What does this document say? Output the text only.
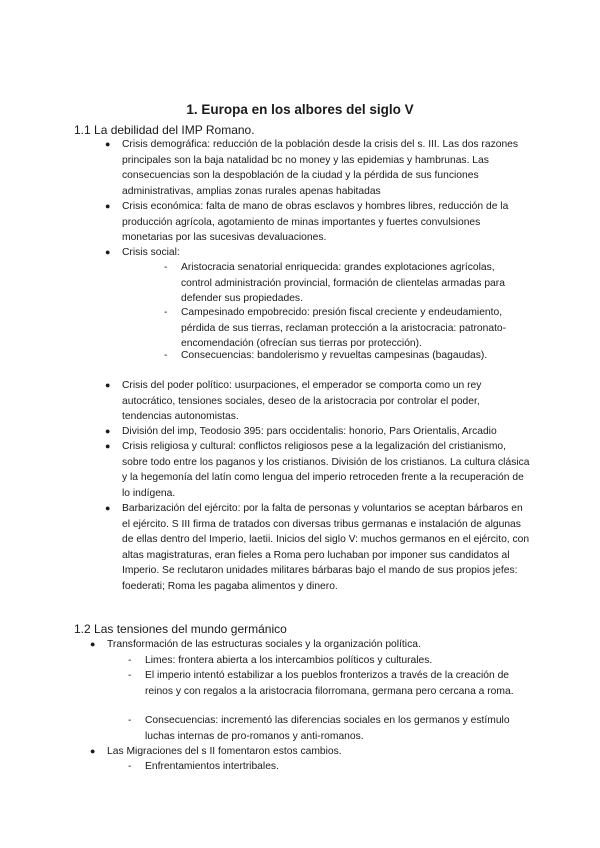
1. Europa en los albores del siglo V
1.1 La debilidad del IMP Romano.
● Crisis demográfica: reducción de la población desde la crisis del s. III. Las dos razones principales son la baja natalidad bc no money y las epidemias y hambrunas. Las consecuencias son la despoblación de la ciudad y la pérdida de sus funciones administrativas, amplias zonas rurales apenas habitadas
● Crisis económica: falta de mano de obras esclavos y hombres libres, reducción de la producción agrícola, agotamiento de minas importantes y fuertes convulsiones monetarias por las sucesivas devaluaciones.
● Crisis social:
- Aristocracia senatorial enriquecida: grandes explotaciones agrícolas, control administración provincial, formación de clientelas armadas para defender sus propiedades.
- Campesinado empobrecido: presión fiscal creciente y endeudamiento, pérdida de sus tierras, reclaman protección a la aristocracia: patronato-encomendación (ofrecían sus tierras por protección).
- Consecuencias: bandolerismo y revueltas campesinas (bagaudas).
● Crisis del poder político: usurpaciones, el emperador se comporta como un rey autocrático, tensiones sociales, deseo de la aristocracia por controlar el poder, tendencias autonomistas.
● División del imp, Teodosio 395: pars occidentalis: honorio, Pars Orientalis, Arcadio
● Crisis religiosa y cultural: conflictos religiosos pese a la legalización del cristianismo, sobre todo entre los paganos y los cristianos. División de los cristianos. La cultura clásica y la hegemonía del latín como lengua del imperio retroceden frente a la recuperación de lo indígena.
● Barbarización del ejército: por la falta de personas y voluntarios se aceptan bárbaros en el ejército. S III firma de tratados con diversas tribus germanas e instalación de algunas de ellas dentro del Imperio, laetii. Inicios del siglo V: muchos germanos en el ejército, con altas magistraturas, eran fieles a Roma pero luchaban por imponer sus candidatos al Imperio. Se reclutaron unidades militares bárbaras bajo el mando de sus propios jefes: foederati; Roma les pagaba alimentos y dinero.
1.2 Las tensiones del mundo germánico
● Transformación de las estructuras sociales y la organización política.
- Limes: frontera abierta a los intercambios políticos y culturales.
- El imperio intentó estabilizar a los pueblos fronterizos a través de la creación de reinos y con regalos a la aristocracia filorromana, germana pero cercana a roma.
- Consecuencias: incrementó las diferencias sociales en los germanos y estímulo luchas internas de pro-romanos y anti-romanos.
● Las Migraciones del s II fomentaron estos cambios.
- Enfrentamientos intertribales.
